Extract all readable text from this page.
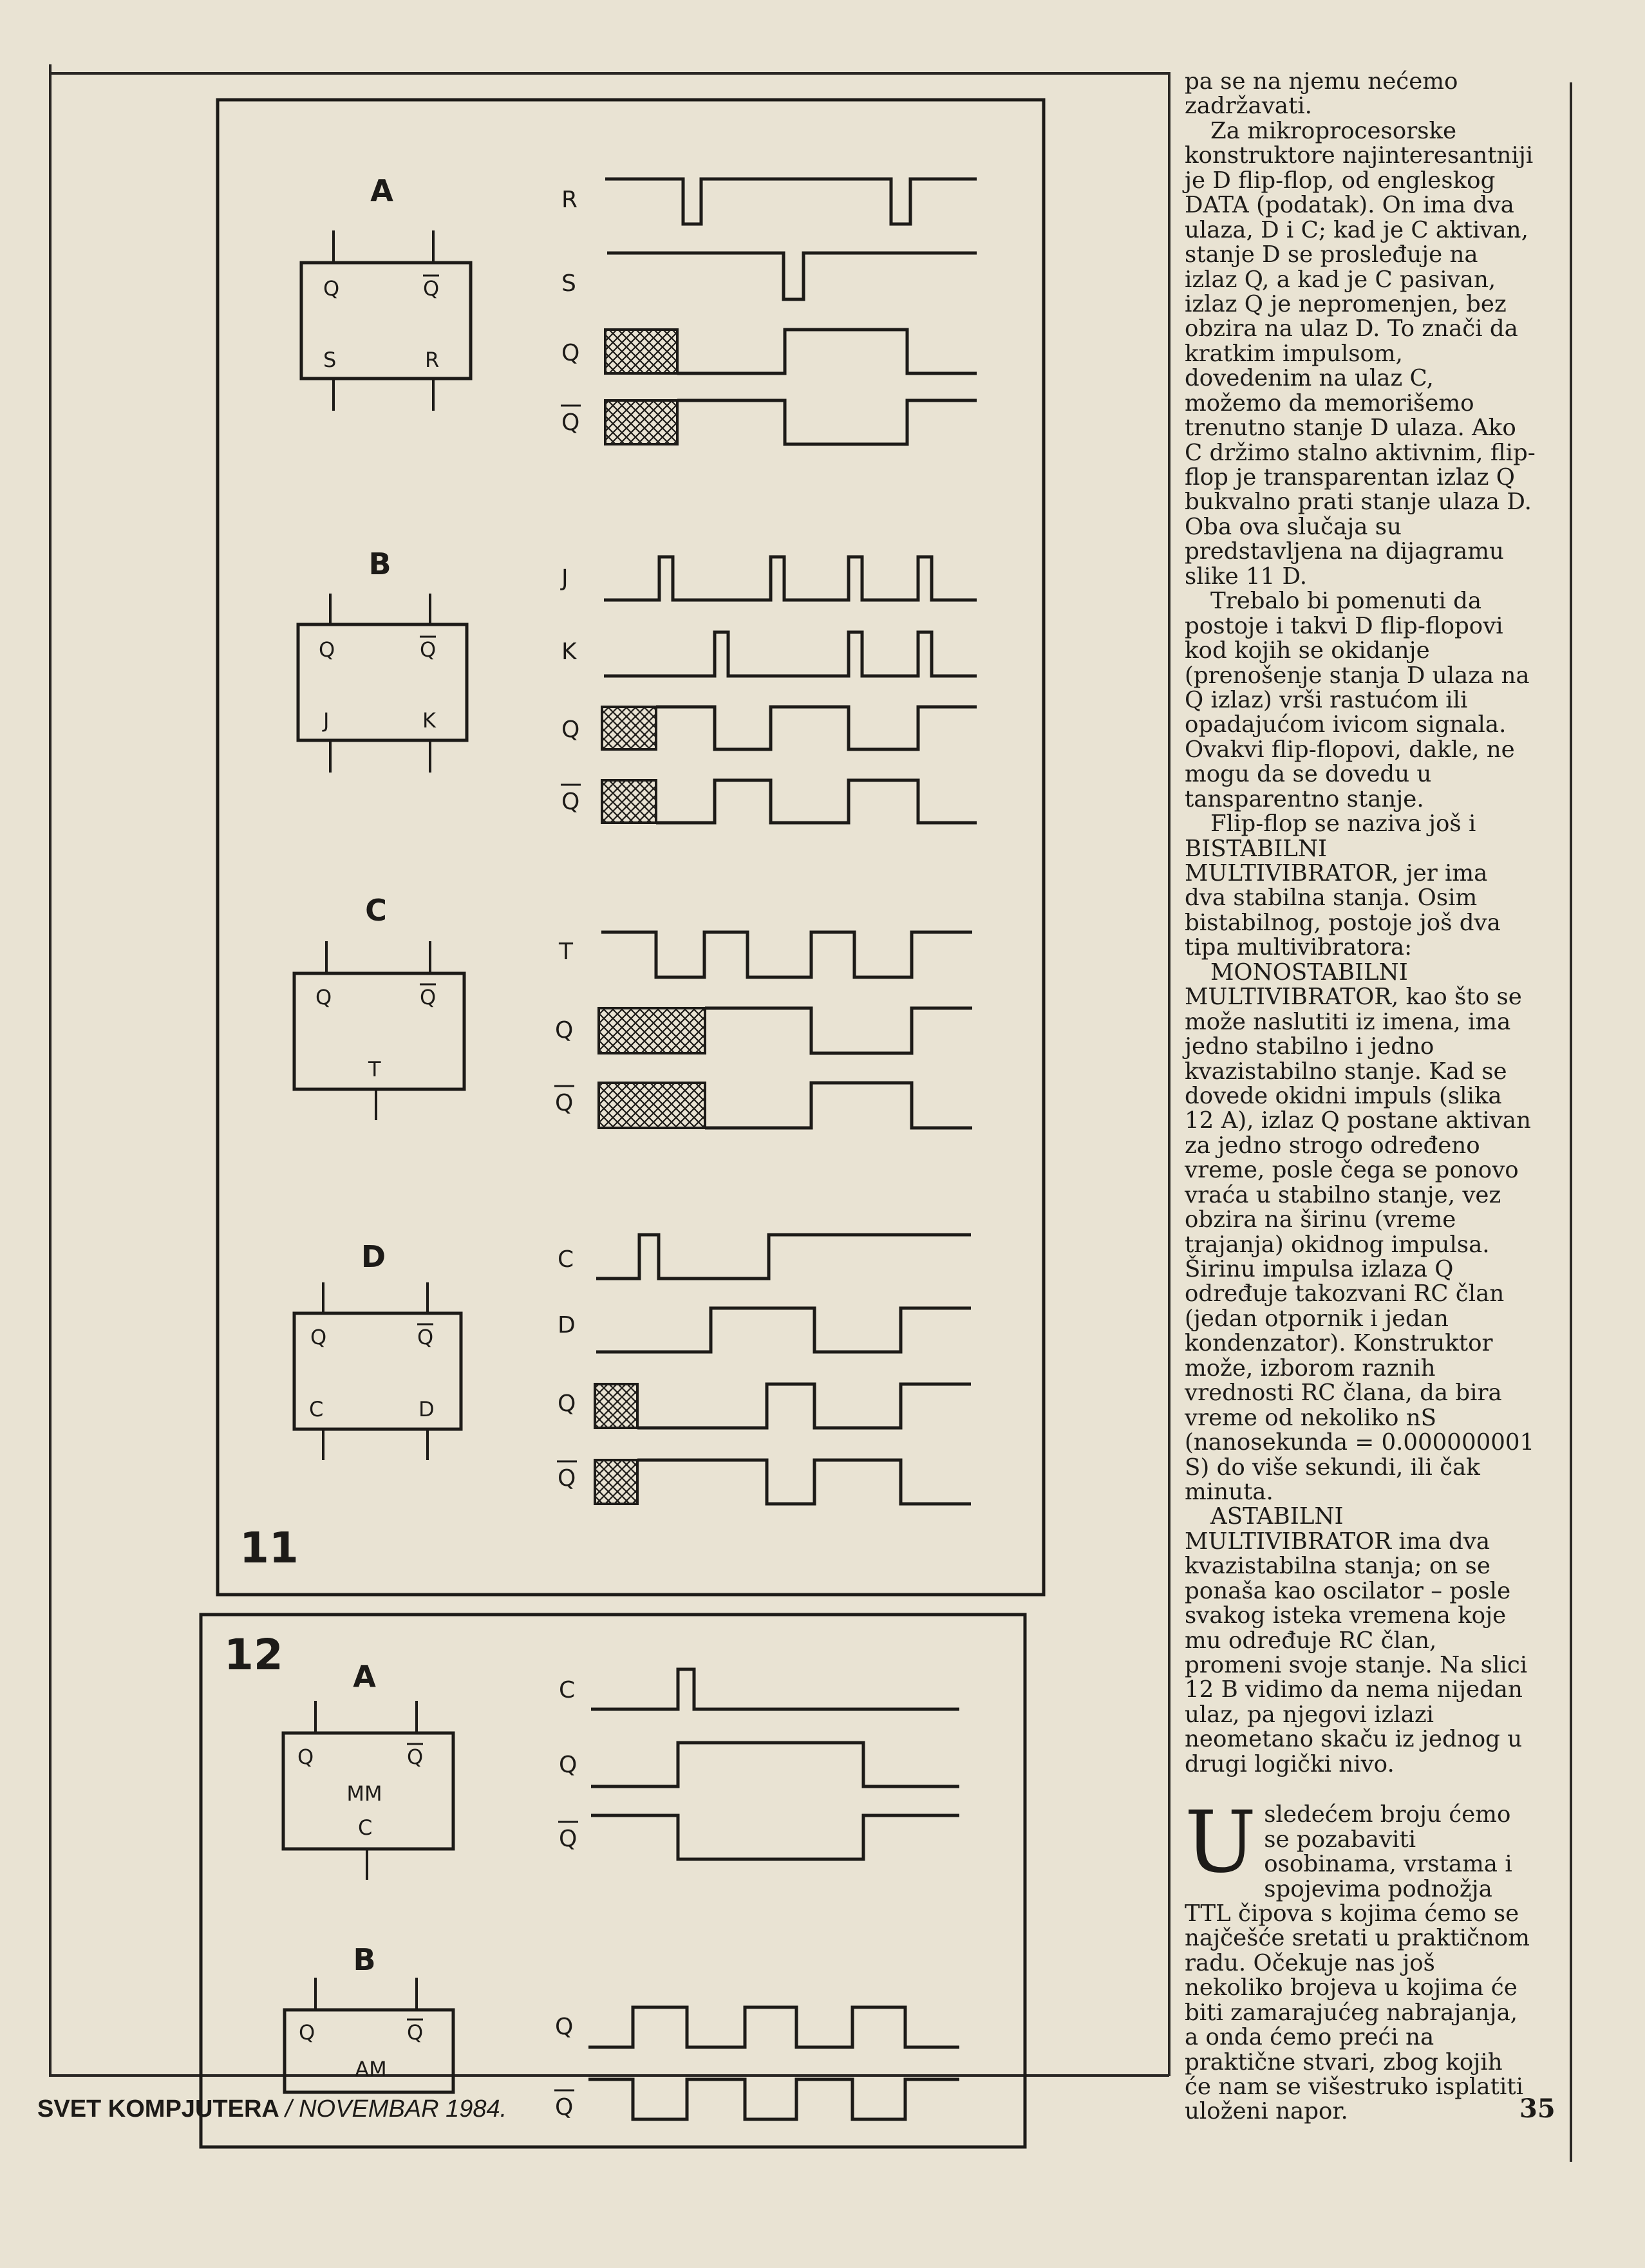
11
A
Q	Q
S	R
R
S
Q
Q
B
Q	Q
J	K
J
K
Q
Q
C
Q	Q
T
T
Q
Q
D
Q	Q
C	D
C
D
Q
Q
12 A
Q	Q
MM
C
C
Q
Q
B
Q	Q
AM
Q
Q

pa se na njemu nećemo zadržavati.

Za mikroprocesorske konstruktore najinteresantniji je D flip-flop, od engleskog DATA (podatak). On ima dva ulaza, D i C; kad je C aktivan, stanje D se prosleđuje na izlaz Q, a kad je C pasivan, izlaz Q je nepromenjen, bez obzira na ulaz D. To znači da kratkim impulsom, dovedenim na ulaz C, možemo da memorišemo trenutno stanje D ulaza. Ako C držimo stalno aktivnim, flip-flop je transparentan izlaz Q bukvalno prati stanje ulaza D. Oba ova slučaja su predstavljena na dijagramu slike 11 D.

Trebalo bi pomenuti da postoje i takvi D flip-flopovi kod kojih se okidanje (prenošenje stanja D ulaza na Q izlaz) vrši rastućom ili opadajućom ivicom signala. Ovakvi flip-flopovi, dakle, ne mogu da se dovedu u tansparentno stanje.

Flip-flop se naziva još i BISTABILNI MULTIVIBRATOR, jer ima dva stabilna stanja. Osim bistabilnog, postoje još dva tipa multivibratora:

MONOSTABILNI MULTIVIBRATOR, kao što se može naslutiti iz imena, ima jedno stabilno i jedno kvazistabilno stanje. Kad se dovede okidni impuls (slika 12 A), izlaz Q postane aktivan za jedno strogo određeno vreme, posle čega se ponovo vraća u stabilno stanje, vez obzira na širinu (vreme trajanja) okidnog impulsa. Širinu impulsa izlaza Q određuje takozvani RC član (jedan otpornik i jedan kondenzator). Konstruktor može, izborom raznih vrednosti RC člana, da bira vreme od nekoliko nS (nanosekunda = 0.000000001 S) do više sekundi, ili čak minuta.

ASTABILNI MULTIVIBRATOR ima dva kvazistabilna stanja; on se ponaša kao oscilator – posle svakog isteka vremena koje mu određuje RC član, promeni svoje stanje. Na slici 12 B vidimo da nema nijedan ulaz, pa njegovi izlazi neometano skaču iz jednog u drugi logički nivo.

Usledećem broju ćemo se pozabaviti osobinama, vrstama i spojevima podnožja TTL čipova s kojima ćemo se najčešće sretati u praktičnom radu. Očekuje nas još nekoliko brojeva u kojima će biti zamarajućeg nabrajanja, a onda ćemo preći na praktične stvari, zbog kojih će nam se višestruko isplatiti uloženi napor.

SVET KOMPJUTERA / NOVEMBAR 1984.	35
